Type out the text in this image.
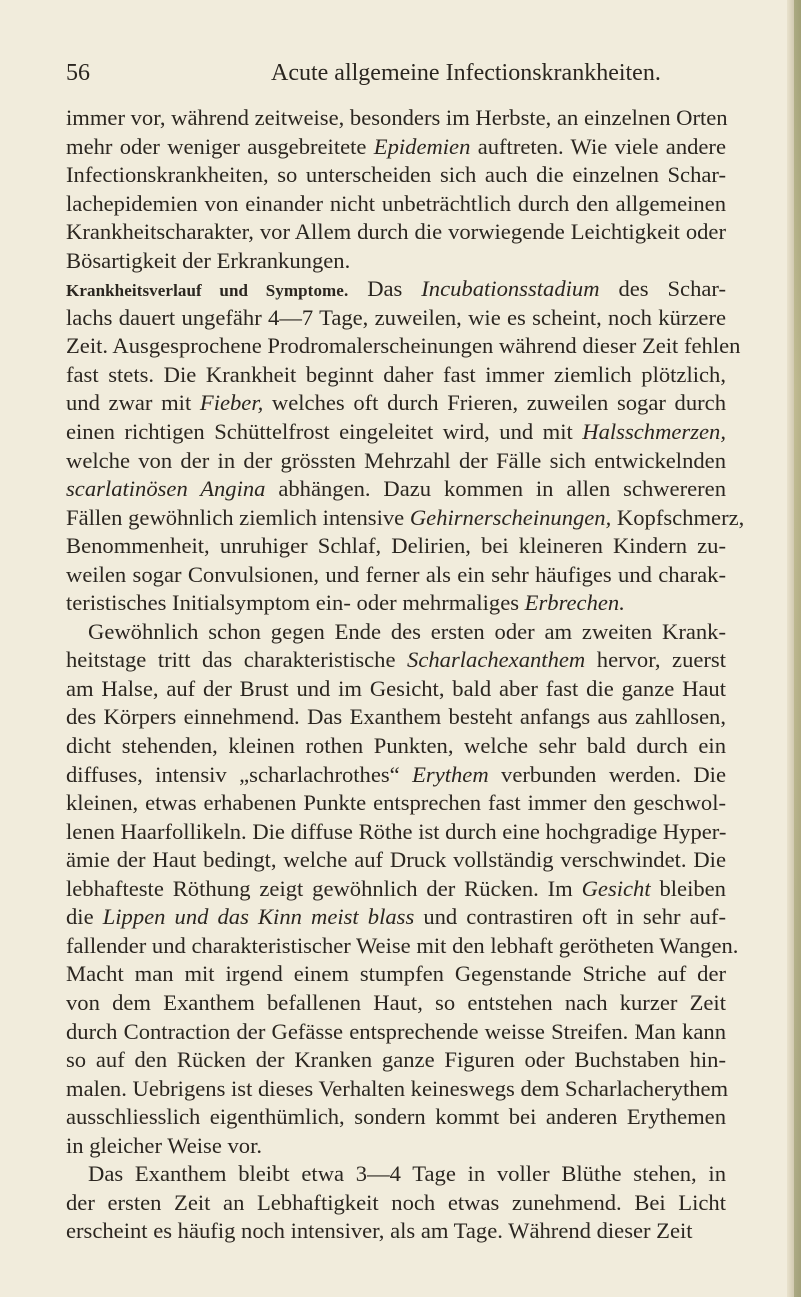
56	Acute allgemeine Infectionskrankheiten.
immer vor, während zeitweise, besonders im Herbste, an einzelnen Orten
mehr oder weniger ausgebreitete Epidemien auftreten. Wie viele andere
Infectionskrankheiten, so unterscheiden sich auch die einzelnen Schar-
lachepidemien von einander nicht unbeträchtlich durch den allgemeinen
Krankheitscharakter, vor Allem durch die vorwiegende Leichtigkeit oder
Bösartigkeit der Erkrankungen.
Krankheitsverlauf und Symptome. Das Incubationsstadium des Schar-
lachs dauert ungefähr 4—7 Tage, zuweilen, wie es scheint, noch kürzere
Zeit. Ausgesprochene Prodromalerscheinungen während dieser Zeit fehlen
fast stets. Die Krankheit beginnt daher fast immer ziemlich plötzlich,
und zwar mit Fieber, welches oft durch Frieren, zuweilen sogar durch
einen richtigen Schüttelfrost eingeleitet wird, und mit Halsschmerzen,
welche von der in der grössten Mehrzahl der Fälle sich entwickelnden
scarlatinösen Angina abhängen. Dazu kommen in allen schwereren
Fällen gewöhnlich ziemlich intensive Gehirnerscheinungen, Kopfschmerz,
Benommenheit, unruhiger Schlaf, Delirien, bei kleineren Kindern zu-
weilen sogar Convulsionen, und ferner als ein sehr häufiges und charak-
teristisches Initialsymptom ein- oder mehrmaliges Erbrechen.
Gewöhnlich schon gegen Ende des ersten oder am zweiten Krank-
heitstage tritt das charakteristische Scharlachexanthem hervor, zuerst
am Halse, auf der Brust und im Gesicht, bald aber fast die ganze Haut
des Körpers einnehmend. Das Exanthem besteht anfangs aus zahllosen,
dicht stehenden, kleinen rothen Punkten, welche sehr bald durch ein
diffuses, intensiv „scharlachrothes“ Erythem verbunden werden. Die
kleinen, etwas erhabenen Punkte entsprechen fast immer den geschwol-
lenen Haarfollikeln. Die diffuse Röthe ist durch eine hochgradige Hyper-
ämie der Haut bedingt, welche auf Druck vollständig verschwindet. Die
lebhafteste Röthung zeigt gewöhnlich der Rücken. Im Gesicht bleiben
die Lippen und das Kinn meist blass und contrastiren oft in sehr auf-
fallender und charakteristischer Weise mit den lebhaft gerötheten Wangen.
Macht man mit irgend einem stumpfen Gegenstande Striche auf der
von dem Exanthem befallenen Haut, so entstehen nach kurzer Zeit
durch Contraction der Gefässe entsprechende weisse Streifen. Man kann
so auf den Rücken der Kranken ganze Figuren oder Buchstaben hin-
malen. Uebrigens ist dieses Verhalten keineswegs dem Scharlacherythem
ausschliesslich eigenthümlich, sondern kommt bei anderen Erythemen
in gleicher Weise vor.
Das Exanthem bleibt etwa 3—4 Tage in voller Blüthe stehen, in
der ersten Zeit an Lebhaftigkeit noch etwas zunehmend. Bei Licht
erscheint es häufig noch intensiver, als am Tage. Während dieser Zeit
